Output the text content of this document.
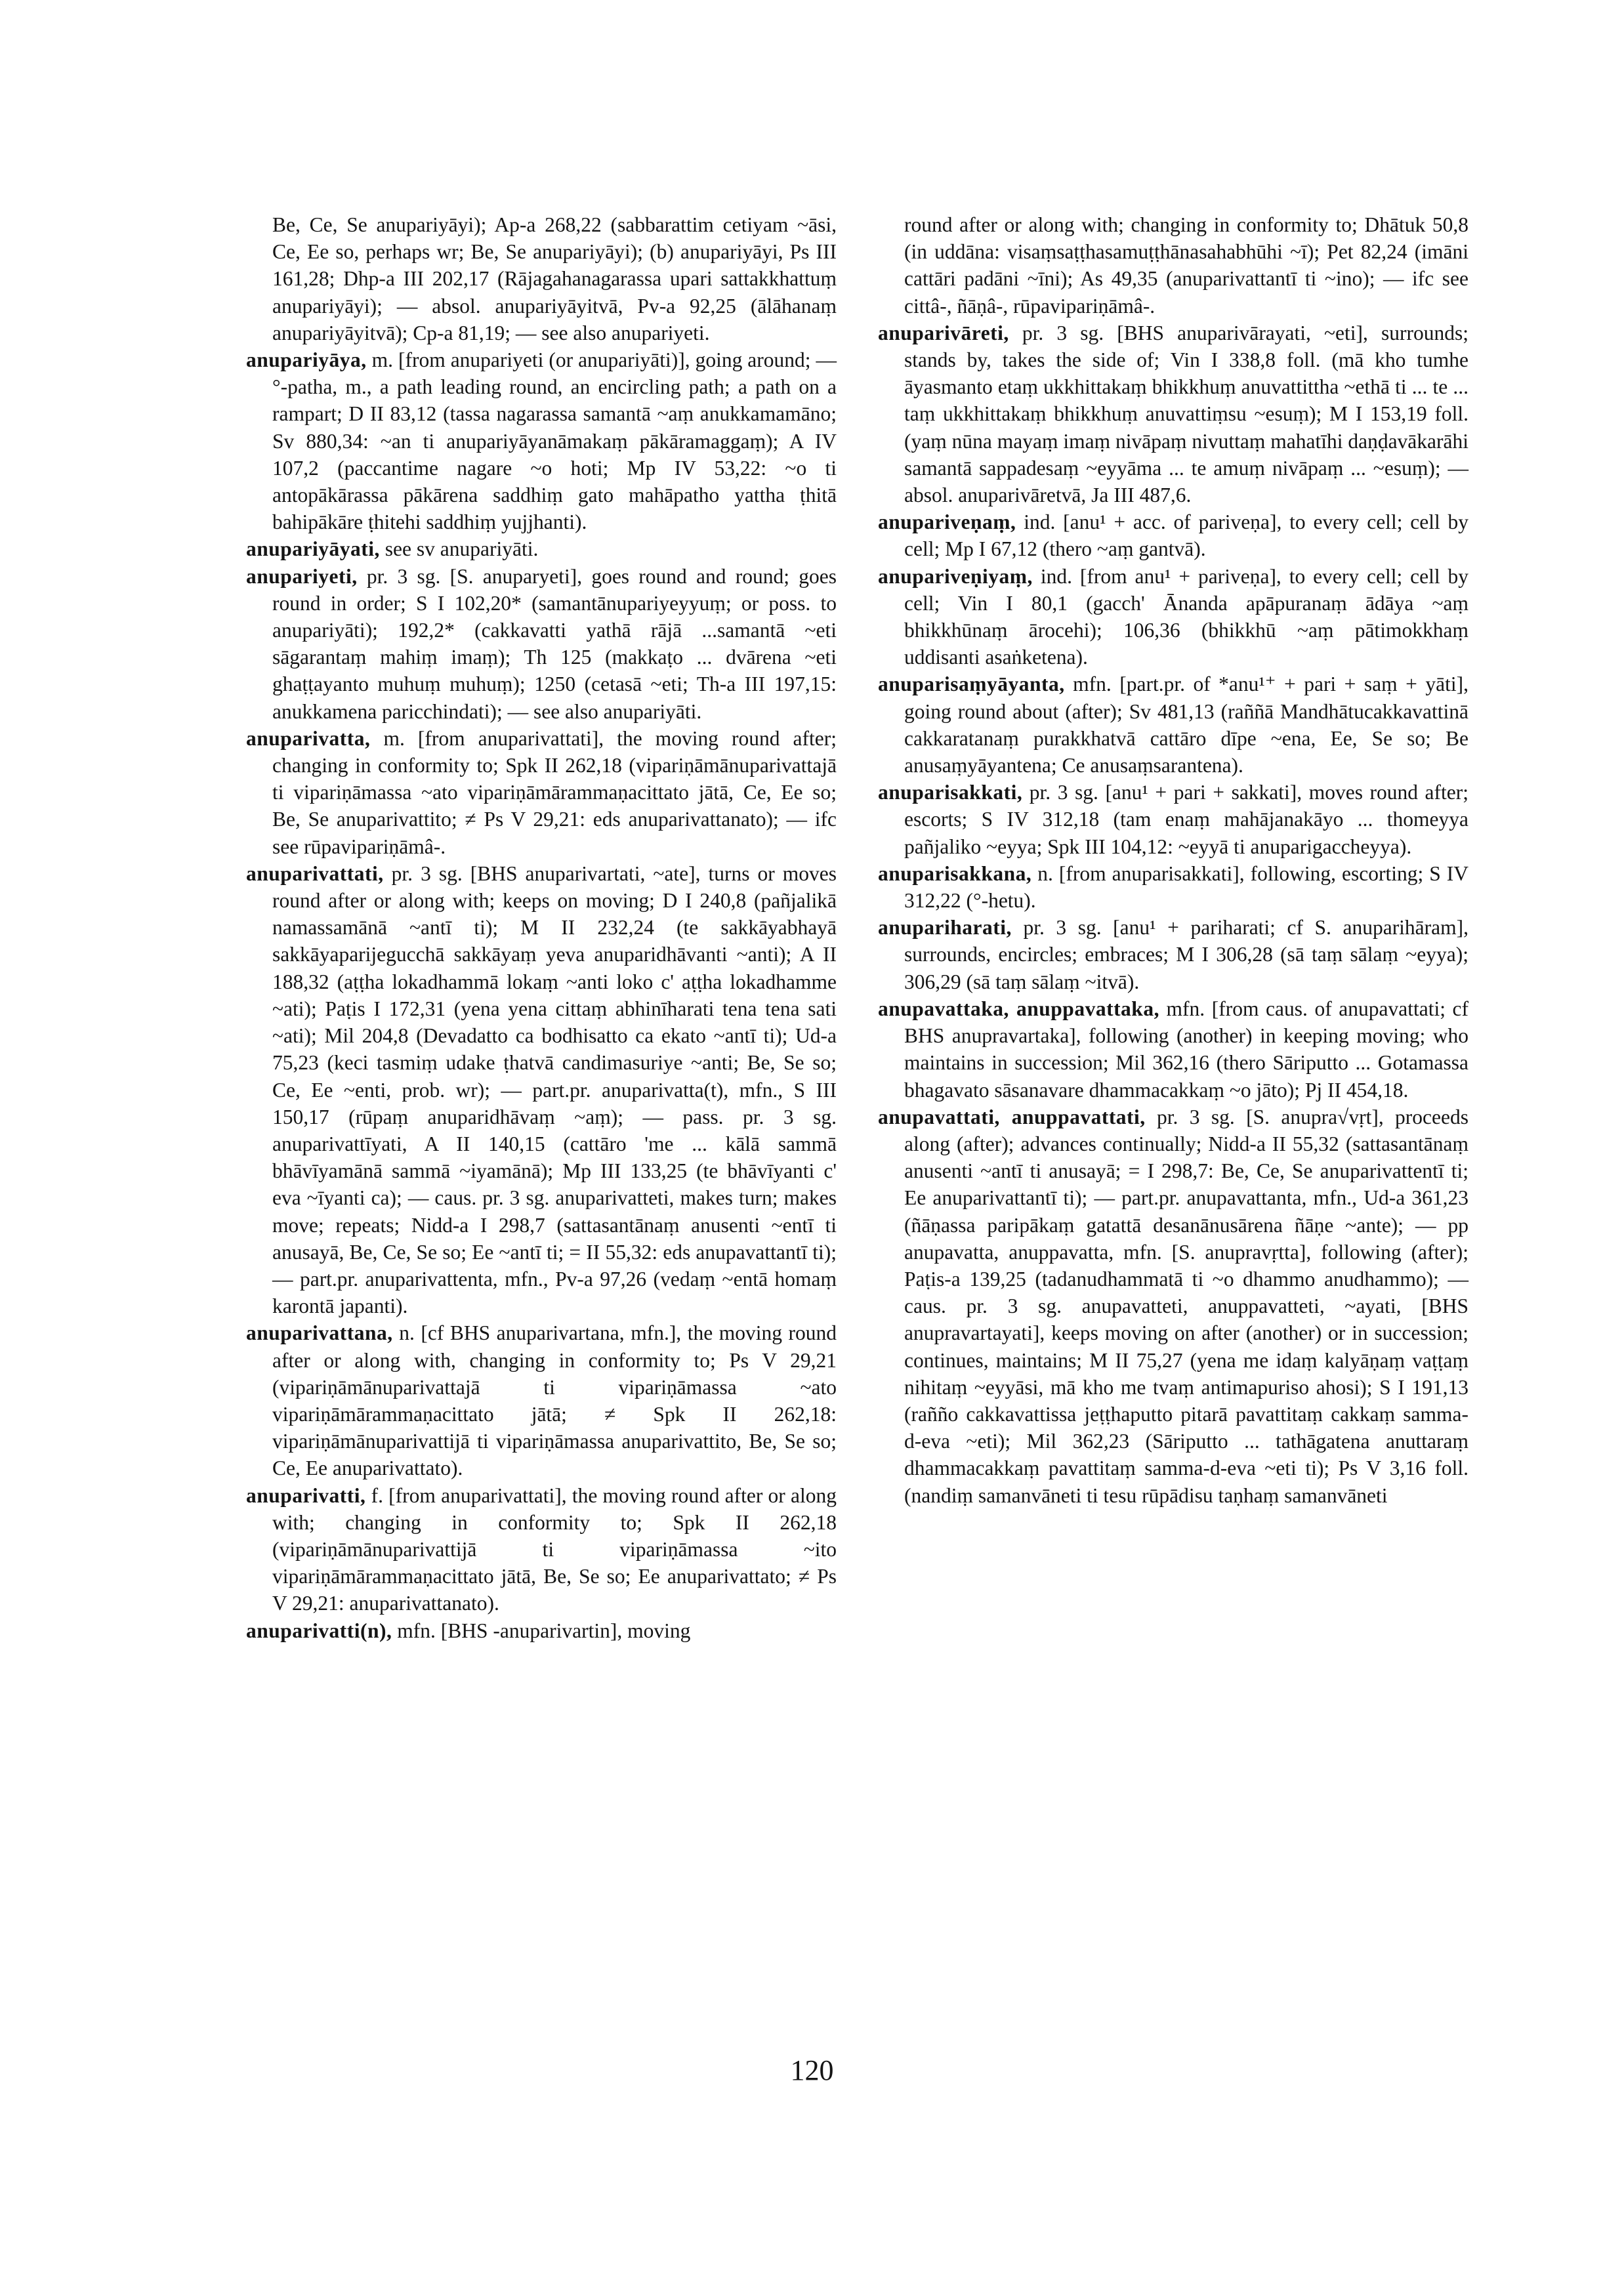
Be, Ce, Se anupariyāyi); Ap-a 268,22 (sabbarattim cetiyam ~āsi, Ce, Ee so, perhaps wr; Be, Se anupariyāyi); (b) anupariyāyi, Ps III 161,28; Dhp-a III 202,17 (Rājagahanagarassa upari sattakkhattuṃ anupariyāyi); — absol. anupariyāyitvā, Pv-a 92,25 (ālāhanaṃ anupariyāyitvā); Cp-a 81,19; — see also anupariyeti.

anupariyāya, m. [from anupariyeti (or anupariyāti)], going around; —°-patha, m., a path leading round, an encircling path; a path on a rampart; D II 83,12 (tassa nagarassa samantā ~aṃ anukkamamāno; Sv 880,34: ~an ti anupariyāyanāmakaṃ pākāramaggaṃ); A IV 107,2 (paccantime nagare ~o hoti; Mp IV 53,22: ~o ti antopākārassa pākārena saddhiṃ gato mahāpatho yattha ṭhitā bahipākāre ṭhitehi saddhiṃ yujjhanti).

anupariyāyati, see sv anupariyāti.

anupariyeti, pr. 3 sg. [S. anuparyeti], goes round and round; goes round in order; S I 102,20* (samantānupariyeyyuṃ; or poss. to anupariyāti); 192,2* (cakkavatti yathā rājā ...samantā ~eti sāgarantaṃ mahiṃ imaṃ); Th 125 (makkaṭo ... dvārena ~eti ghaṭṭayanto muhuṃ muhuṃ); 1250 (cetasā ~eti; Th-a III 197,15: anukkamena paricchindati); — see also anupariyāti.

anuparivatta, m. [from anuparivattati], the moving round after; changing in conformity to; Spk II 262,18 (vipariṇāmānuparivattajā ti vipariṇāmassa ~ato vipariṇāmārammaṇacittato jātā, Ce, Ee so; Be, Se anuparivattito; ≠ Ps V 29,21: eds anuparivattanato); — ifc see rūpavipariṇāmâ-.

anuparivattati, pr. 3 sg. [BHS anuparivartati, ~ate], turns or moves round after or along with; keeps on moving; D I 240,8 (pañjalikā namassamānā ~antī ti); M II 232,24 (te sakkāyabhayā sakkāyaparijegucchā sakkāyaṃ yeva anuparidhāvanti ~anti); A II 188,32 (aṭṭha lokadhammā lokaṃ ~anti loko c' aṭṭha lokadhamme ~ati); Paṭis I 172,31 (yena yena cittaṃ abhinīharati tena tena sati ~ati); Mil 204,8 (Devadatto ca bodhisatto ca ekato ~antī ti); Ud-a 75,23 (keci tasmiṃ udake ṭhatvā candimasuriye ~anti; Be, Se so; Ce, Ee ~enti, prob. wr); — part.pr. anuparivatta(t), mfn., S III 150,17 (rūpaṃ anuparidhāvaṃ ~aṃ); — pass. pr. 3 sg. anuparivattīyati, A II 140,15 (cattāro 'me ... kālā sammā bhāvīyamānā sammā ~iyamānā); Mp III 133,25 (te bhāvīyanti c' eva ~īyanti ca); — caus. pr. 3 sg. anuparivatteti, makes turn; makes move; repeats; Nidd-a I 298,7 (sattasantānaṃ anusenti ~entī ti anusayā, Be, Ce, Se so; Ee ~antī ti; = II 55,32: eds anupavattantī ti); — part.pr. anuparivattenta, mfn., Pv-a 97,26 (vedaṃ ~entā homaṃ karontā japanti).

anuparivattana, n. [cf BHS anuparivartana, mfn.], the moving round after or along with, changing in conformity to; Ps V 29,21 (vipariṇāmānuparivattajā ti vipariṇāmassa ~ato vipariṇāmārammaṇacittato jātā; ≠ Spk II 262,18: vipariṇāmānuparivattijā ti vipariṇāmassa anuparivattito, Be, Se so; Ce, Ee anuparivattato).

anuparivatti, f. [from anuparivattati], the moving round after or along with; changing in conformity to; Spk II 262,18 (vipariṇāmānuparivattijā ti vipariṇāmassa ~ito vipariṇāmārammaṇacittato jātā, Be, Se so; Ee anuparivattato; ≠ Ps V 29,21: anuparivattanato).

anuparivatti(n), mfn. [BHS -anuparivartin], moving

round after or along with; changing in conformity to; Dhātuk 50,8 (in uddāna: visaṃsaṭṭhasamuṭṭhānasahabhūhi ~ī); Pet 82,24 (imāni cattāri padāni ~īni); As 49,35 (anuparivattantī ti ~ino); — ifc see cittâ-, ñāṇâ-, rūpavipariṇāmâ-.

anuparivāreti, pr. 3 sg. [BHS anuparivārayati, ~eti], surrounds; stands by, takes the side of; Vin I 338,8 foll. (mā kho tumhe āyasmanto etaṃ ukkhittakaṃ bhikkhuṃ anuvattittha ~ethā ti ... te ... taṃ ukkhittakaṃ bhikkhuṃ anuvattiṃsu ~esuṃ); M I 153,19 foll. (yaṃ nūna mayaṃ imaṃ nivāpaṃ nivuttaṃ mahatīhi daṇḍavākarāhi samantā sappadesaṃ ~eyyāma ... te amuṃ nivāpaṃ ... ~esuṃ); — absol. anuparivāretvā, Ja III 487,6.

anupariveṇaṃ, ind. [anu¹ + acc. of pariveṇa], to every cell; cell by cell; Mp I 67,12 (thero ~aṃ gantvā).

anupariveṇiyaṃ, ind. [from anu¹ + pariveṇa], to every cell; cell by cell; Vin I 80,1 (gacch' Ānanda apāpuranaṃ ādāya ~aṃ bhikkhūnaṃ ārocehi); 106,36 (bhikkhū ~aṃ pātimokkhaṃ uddisanti asaṅketena).

anuparisaṃyāyanta, mfn. [part.pr. of *anu¹⁺ + pari + saṃ + yāti], going round about (after); Sv 481,13 (raññā Mandhātucakkavattinā cakkaratanaṃ purakkhatvā cattāro dīpe ~ena, Ee, Se so; Be anusaṃyāyantena; Ce anusaṃsarantena).

anuparisakkati, pr. 3 sg. [anu¹ + pari + sakkati], moves round after; escorts; S IV 312,18 (tam enaṃ mahājanakāyo ... thomeyya pañjaliko ~eyya; Spk III 104,12: ~eyyā ti anuparigaccheyya).

anuparisakkana, n. [from anuparisakkati], following, escorting; S IV 312,22 (°-hetu).

anupariharati, pr. 3 sg. [anu¹ + pariharati; cf S. anuparihāram], surrounds, encircles; embraces; M I 306,28 (sā taṃ sālaṃ ~eyya); 306,29 (sā taṃ sālaṃ ~itvā).

anupavattaka, anuppavattaka, mfn. [from caus. of anupavattati; cf BHS anupravartaka], following (another) in keeping moving; who maintains in succession; Mil 362,16 (thero Sāriputto ... Gotamassa bhagavato sāsanavare dhammacakkaṃ ~o jāto); Pj II 454,18.

anupavattati, anuppavattati, pr. 3 sg. [S. anupra√vṛt], proceeds along (after); advances continually; Nidd-a II 55,32 (sattasantānaṃ anusenti ~antī ti anusayā; = I 298,7: Be, Ce, Se anuparivattentī ti; Ee anuparivattantī ti); — part.pr. anupavattanta, mfn., Ud-a 361,23 (ñāṇassa paripākaṃ gatattā desanānusārena ñāṇe ~ante); — pp anupavatta, anuppavatta, mfn. [S. anupravṛtta], following (after); Paṭis-a 139,25 (tadanudhammatā ti ~o dhammo anudhammo); — caus. pr. 3 sg. anupavatteti, anuppavatteti, ~ayati, [BHS anupravartayati], keeps moving on after (another) or in succession; continues, maintains; M II 75,27 (yena me idaṃ kalyāṇaṃ vaṭṭaṃ nihitaṃ ~eyyāsi, mā kho me tvaṃ antimapuriso ahosi); S I 191,13 (rañño cakkavattissa jeṭṭhaputto pitarā pavattitaṃ cakkaṃ samma-d-eva ~eti); Mil 362,23 (Sāriputto ... tathāgatena anuttaraṃ dhammacakkaṃ pavattitaṃ samma-d-eva ~eti ti); Ps V 3,16 foll. (nandiṃ samanvāneti ti tesu rūpādisu taṇhaṃ samanvāneti

120
